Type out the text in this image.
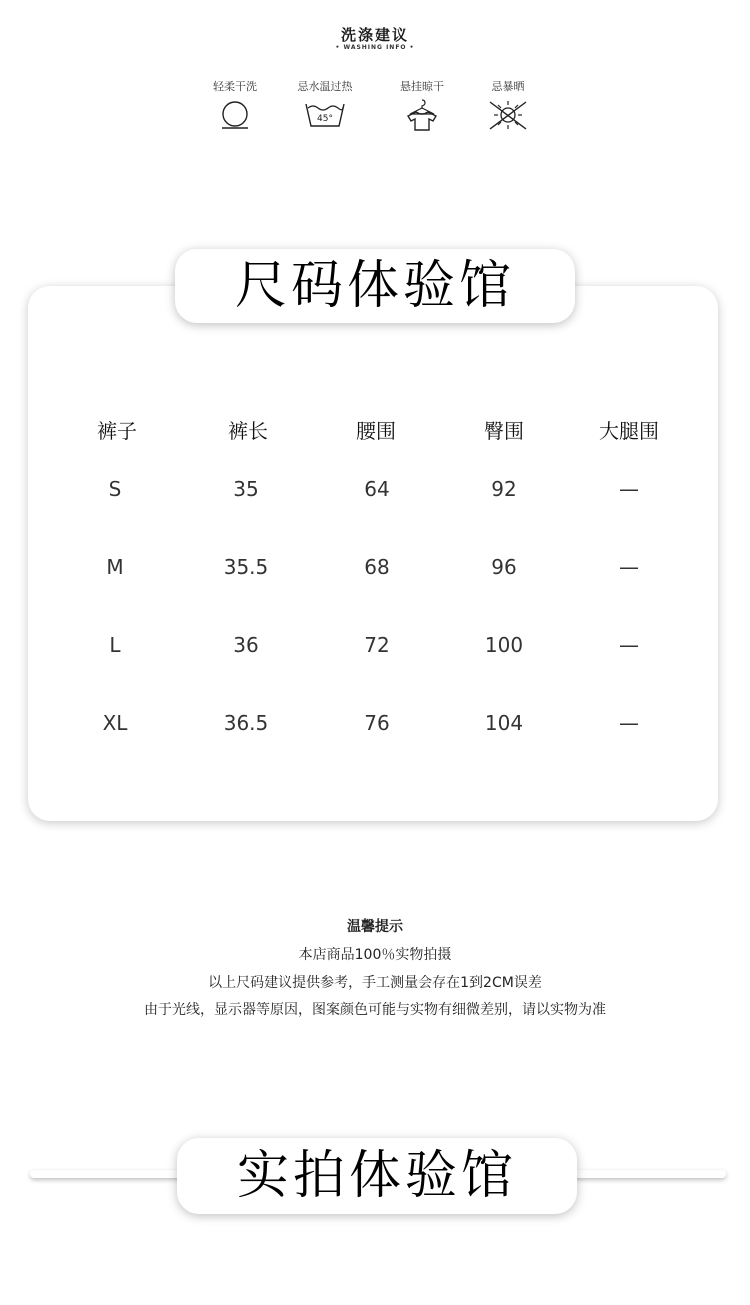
洗涤建议
• WASHING INFO •
轻柔干洗	忌水温过热
45°
悬挂晾干	忌暴晒
尺码体验馆
裤子	裤长	腰围	臀围	大腿围
S	35	64	92	—
M	35.5	68	96	—
L	36	72	100	—
XL	36.5	76	104	—
温馨提示
本店商品100％实物拍摄
以上尺码建议提供参考，手工测量会存在1到2CM误差
由于光线，显示器等原因，图案颜色可能与实物有细微差别，请以实物为准
实拍体验馆
